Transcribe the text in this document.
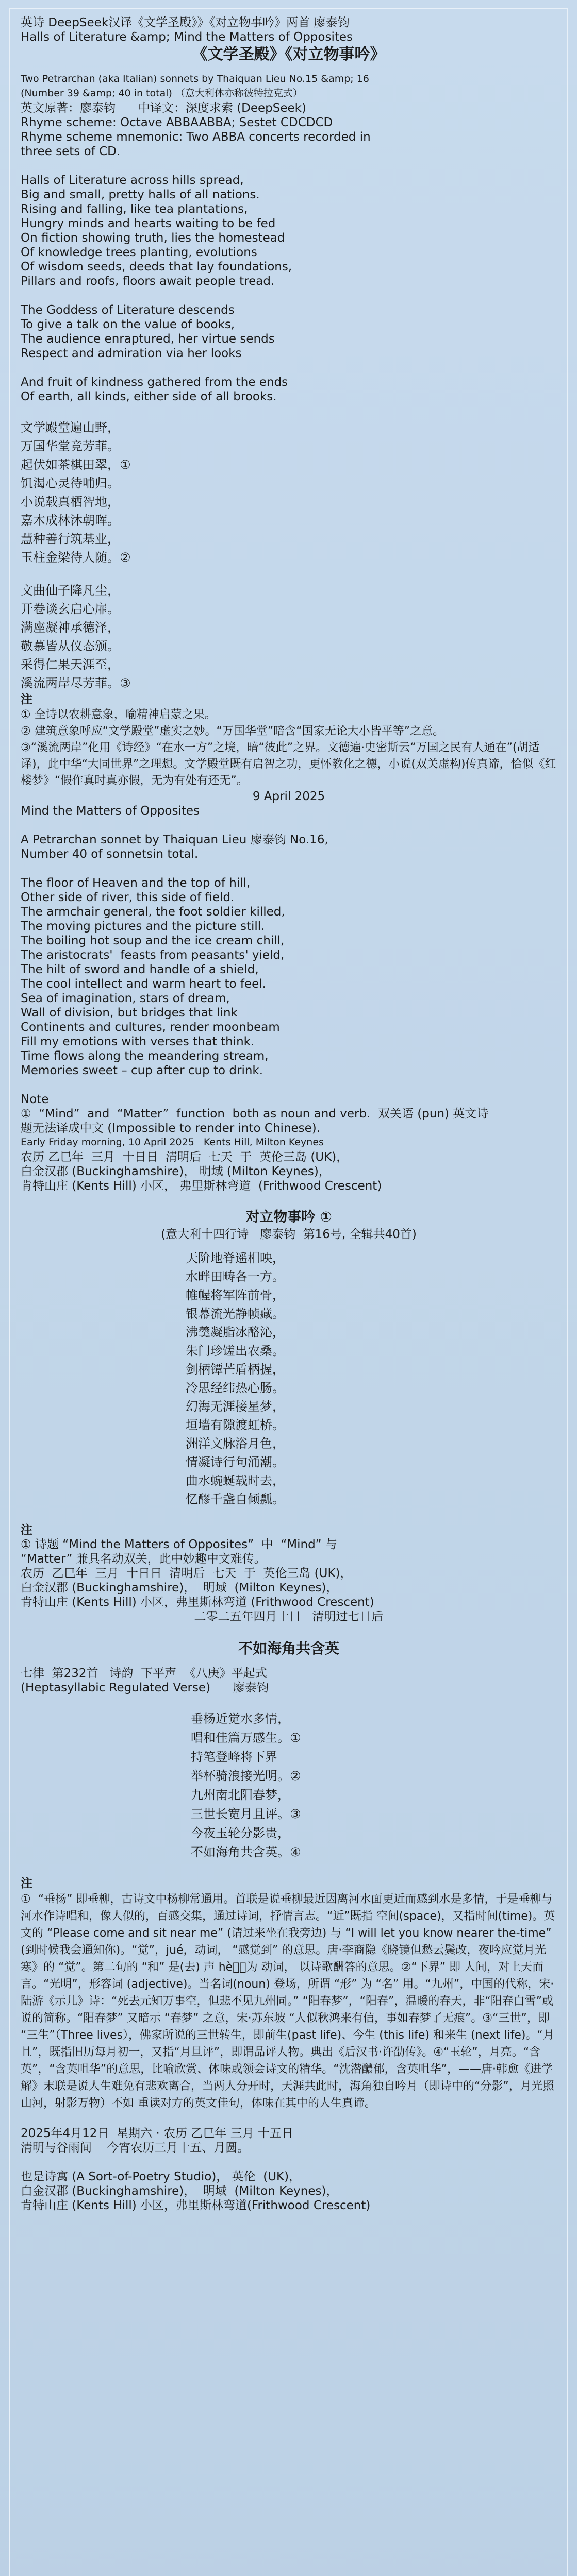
英诗 DeepSeek汉译《文学圣殿》》《对立物事吟》两首 廖泰钧
Halls of Literature &amp; Mind the Matters of Opposites
《文学圣殿》《对立物事吟》
Two Petrarchan (aka Italian) sonnets by Thaiquan Lieu No.15 &amp; 16
(Number 39 &amp; 40 in total) （意大利体亦称彼特拉克式）
英文原著：廖泰钧      中译文：深度求索 (DeepSeek)
Rhyme scheme: Octave ABBAABBA; Sestet CDCDCD
Rhyme scheme mnemonic: Two ABBA concerts recorded in
three sets of CD.
Halls of Literature across hills spread,
Big and small, pretty halls of all nations.
Rising and falling, like tea plantations,
Hungry minds and hearts waiting to be fed
On fiction showing truth, lies the homestead
Of knowledge trees planting, evolutions
Of wisdom seeds, deeds that lay foundations,
Pillars and roofs, floors await people tread.
The Goddess of Literature descends
To give a talk on the value of books,
The audience enraptured, her virtue sends
Respect and admiration via her looks
And fruit of kindness gathered from the ends
Of earth, all kinds, either side of all brooks.
文学殿堂遍山野，
万国华堂竞芳菲。
起伏如茶棋田翠，①
饥渴心灵待哺归。
小说载真栖智地，
嘉木成林沐朝晖。
慧种善行筑基业，
玉柱金梁待人随。②
文曲仙子降凡尘，
开卷谈玄启心扉。
满座凝神承德泽，
敬慕皆从仪态颁。
采得仁果天涯至，
溪流两岸尽芳菲。③
注
① 全诗以农耕意象，喻精神启蒙之果。
② 建筑意象呼应“文学殿堂”虚实之妙。“万国华堂”暗含“国家无论大小皆平等”之意。
③“溪流两岸”化用《诗经》“在水一方”之境，暗“彼此”之界。文德遍·史密斯云“万国之民有人通在”(胡适译)，此中华“大同世界”之理想。文学殿堂既有启智之功，更怀教化之德，小说(双关虚构)传真谛，恰似《红楼梦》“假作真时真亦假，无为有处有还无”。
9 April 2025
Mind the Matters of Opposites
A Petrarchan sonnet by Thaiquan Lieu 廖泰钧 No.16,
Number 40 of sonnetsin total.
The floor of Heaven and the top of hill,
Other side of river, this side of field.
The armchair general, the foot soldier killed,
The moving pictures and the picture still.
The boiling hot soup and the ice cream chill,
The aristocrats'  feasts from peasants' yield,
The hilt of sword and handle of a shield,
The cool intellect and warm heart to feel.
Sea of imagination, stars of dream,
Wall of division, but bridges that link
Continents and cultures, render moonbeam
Fill my emotions with verses that think.
Time flows along the meandering stream,
Memories sweet – cup after cup to drink.
Note
①  “Mind”  and  “Matter”  function  both as noun and verb.  双关语 (pun) 英文诗
题无法译成中文 (Impossible to render into Chinese).
Early Friday morning, 10 April 2025   Kents Hill, Milton Keynes
农历 乙巳年  三月  十日日  清明后  七天  于  英伦三岛 (UK)，
白金汉郡 (Buckinghamshire)， 明域 (Milton Keynes)，
肯特山庄 (Kents Hill) 小区， 弗里斯林弯道  (Frithwood Crescent)
对立物事吟 ①
(意大利十四行诗   廖泰钧  第16号, 全辑共40首)
天阶地脊遥相映，
水畔田畴各一方。
帷幄将军阵前骨，
银幕流光静帧藏。
沸羹凝脂冰酪沁，
朱门珍馐出农桑。
剑柄镡芒盾柄握，
冷思经纬热心肠。
幻海无涯接星梦，
垣墙有隙渡虹桥。
洲洋文脉浴月色，
情凝诗行句涌潮。
曲水蜿蜒载时去，
忆醪千盏自倾瓢。
注
① 诗题 “Mind the Matters of Opposites”  中  “Mind” 与
“Matter” 兼具名动双关，此中妙趣中文难传。
农历  乙巳年  三月  十日日  清明后  七天  于  英伦三岛 (UK)，
白金汉郡 (Buckinghamshire)，  明域  (Milton Keynes)，
肯特山庄 (Kents Hill) 小区，弗里斯林弯道 (Frithwood Crescent)
二零二五年四月十日   清明过七日后
不如海角共含英
七律  第232首   诗韵  下平声  《八庚》平起式
(Heptasyllabic Regulated Verse)      廖泰钧
垂杨近觉水多情，
唱和佳篇万感生。①
持笔登峰将下界
举杯骑浪接光明。②
九州南北阳春梦，
三世长宽月且评。③
今夜玉轮分影贵，
不如海角共含英。④
注
①  “垂杨” 即垂柳，古诗文中杨柳常通用。首联是说垂柳最近因离河水面更近而感到水是多情，于是垂柳与河水作诗唱和，像人似的，百感交集，通过诗词，抒情言志。“近”既指 空间(space)，又指时间(time)。英文的 “Please come and sit near me” (请过来坐在我旁边) 与 “I will let you know nearer the-time” (到时候我会通知你)。“觉”，jué，动词， “感觉到” 的意思。唐·李商隐《晓镜但愁云鬓改，夜吟应觉月光寒》的 “觉”。第二句的 “和” 是(去) 声 hè⃝，为 动词， 以诗歌酬答的意思。②“下界” 即 人间，对上天而言。“光明”，形容词 (adjective)。当名词(noun) 登场，所谓 “形” 为 “名” 用。“九州”，中国的代称，宋·陆游《示儿》诗：“死去元知万事空，但悲不见九州同。” “阳春梦”，“阳春”，温暖的春天，非“阳春白雪”或说的简称。“阳春梦” 又暗示 “春梦” 之意，宋·苏东坡 “人似秋鸿来有信，事如春梦了无痕”。③“三世”，即 “三生”（Three lives），佛家所说的三世转生，即前生(past life)、今生 (this life) 和来生 (next life)。“月且”，既指旧历每月初一，又指“月旦评”，即谓品评人物。典出《后汉书·许劭传》。④“玉轮”，月亮。“含英”，“含英咀华”的意思，比喻欣赏、体味或领会诗文的精华。“沈潜醲郁，含英咀华”，——唐·韩愈《进学解》末联是说人生难免有悲欢离合，当两人分开时，天涯共此时，海角独自吟月（即诗中的“分影”，月光照山河，射影万物）不如 重读对方的英文佳句，体味在其中的人生真谛。
2025年4月12日  星期六 · 农历 乙巳年 三月 十五日
清明与谷雨间    今宵农历三月十五、月圆。
也是诗寓 (A Sort-of-Poetry Studio)， 英伦  (UK)，
白金汉郡 (Buckinghamshire)，  明域  (Milton Keynes)，
肯特山庄 (Kents Hill) 小区，弗里斯林弯道(Frithwood Crescent)
